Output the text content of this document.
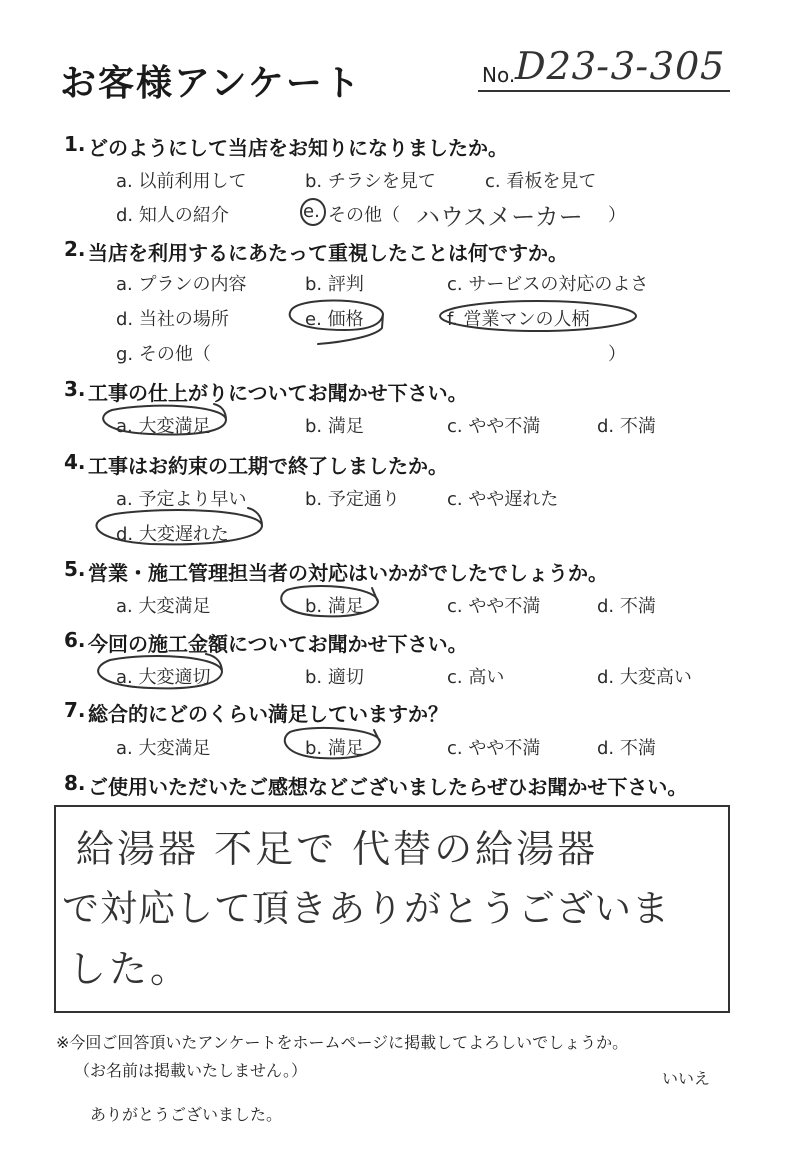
お客様アンケート	No.
D23-3-305
1. どのようにして当店をお知りになりましたか。
a. 以前利用して	b. チラシを見て	c. 看板を見て
d. 知人の紹介	e. その他（ ハウスメーカー ）
2. 当店を利用するにあたって重視したことは何ですか。
a. プランの内容	b. 評判	c. サービスの対応のよさ
d. 当社の場所	e. 価格	f. 営業マンの人柄
g. その他（	）
3. 工事の仕上がりについてお聞かせ下さい。
a. 大変満足	b. 満足	c. やや不満	d. 不満
4. 工事はお約束の工期で終了しましたか。
a. 予定より早い	b. 予定通り	c. やや遅れた
d. 大変遅れた
5. 営業・施工管理担当者の対応はいかがでしたでしょうか。
a. 大変満足	b. 満足	c. やや不満	d. 不満
6. 今回の施工金額についてお聞かせ下さい。
a. 大変適切	b. 適切	c. 高い	d. 大変高い
7. 総合的にどのくらい満足していますか？
a. 大変満足	b. 満足	c. やや不満	d. 不満
8. ご使用いただいたご感想などございましたらぜひお聞かせ下さい。
給湯器 不足で 代替の給湯器
で対応して頂きありがとうございま
した。
※今回ご回答頂いたアンケートをホームページに掲載してよろしいでしょうか。
（お名前は掲載いたしません。）	いいえ
ありがとうございました。
